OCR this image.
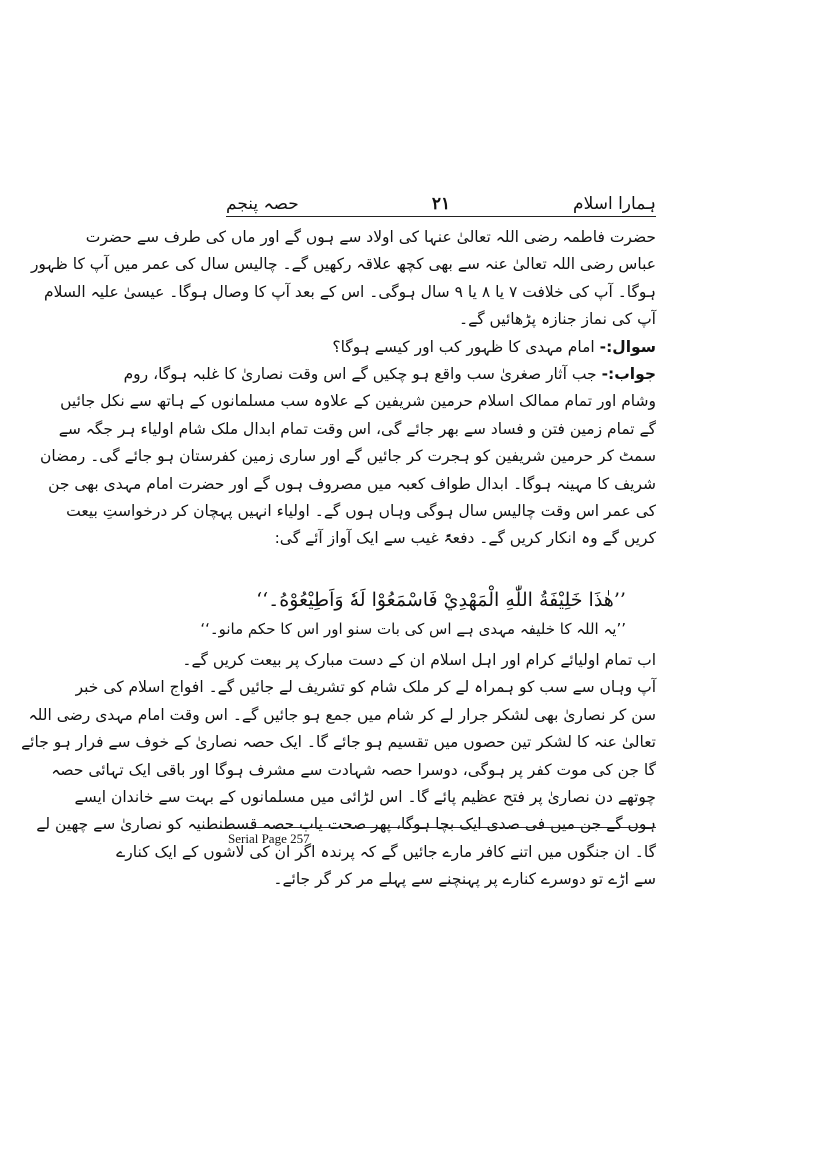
ہمارا اسلام
۲۱
حصہ پنجم
حضرت فاطمہ رضی اللہ تعالیٰ عنہا کی اولاد سے ہوں گے اور ماں کی طرف سے حضرت
عباس رضی اللہ تعالیٰ عنہ سے بھی کچھ علاقہ رکھیں گے۔ چالیس سال کی عمر میں آپ کا ظہور
ہوگا۔ آپ کی خلافت ۷ یا ۸ یا ۹ سال ہوگی۔ اس کے بعد آپ کا وصال ہوگا۔ عیسیٰ علیہ السلام
آپ کی نماز جنازہ پڑھائیں گے۔
سوال:- امام مہدی کا ظہور کب اور کیسے ہوگا؟
جواب:- جب آثار صغریٰ سب واقع ہو چکیں گے اس وقت نصاریٰ کا غلبہ ہوگا، روم
وشام اور تمام ممالک اسلام حرمین شریفین کے علاوہ سب مسلمانوں کے ہاتھ سے نکل جائیں
گے تمام زمین فتن و فساد سے بھر جائے گی، اس وقت تمام ابدال ملک شام اولیاء ہر جگہ سے
سمٹ کر حرمین شریفین کو ہجرت کر جائیں گے اور ساری زمین کفرستان ہو جائے گی۔ رمضان
شریف کا مہینہ ہوگا۔ ابدال طواف کعبہ میں مصروف ہوں گے اور حضرت امام مہدی بھی جن
کی عمر اس وقت چالیس سال ہوگی وہاں ہوں گے۔ اولیاء انہیں پہچان کر درخواستِ بیعت
کریں گے وہ انکار کریں گے۔ دفعۃً غیب سے ایک آواز آئے گی:
’’هٰذَا خَلِيْفَةُ اللّٰهِ الْمَهْدِيْ فَاسْمَعُوْا لَهٗ وَاَطِيْعُوْهُ۔‘‘
’’یہ اللہ کا خلیفہ مہدی ہے اس کی بات سنو اور اس کا حکم مانو۔‘‘
اب تمام اولیائے کرام اور اہل اسلام ان کے دست مبارک پر بیعت کریں گے۔
آپ وہاں سے سب کو ہمراہ لے کر ملک شام کو تشریف لے جائیں گے۔ افواج اسلام کی خبر
سن کر نصاریٰ بھی لشکر جرار لے کر شام میں جمع ہو جائیں گے۔ اس وقت امام مہدی رضی اللہ
تعالیٰ عنہ کا لشکر تین حصوں میں تقسیم ہو جائے گا۔ ایک حصہ نصاریٰ کے خوف سے فرار ہو جائے
گا جن کی موت کفر پر ہوگی، دوسرا حصہ شہادت سے مشرف ہوگا اور باقی ایک تہائی حصہ
چوتھے دن نصاریٰ پر فتح عظیم پائے گا۔ اس لڑائی میں مسلمانوں کے بہت سے خاندان ایسے
ہوں گے جن میں فی صدی ایک بچا ہوگا، پھر صحت یاب حصہ قسطنطنیہ کو نصاریٰ سے چھین لے
گا۔ ان جنگوں میں اتنے کافر مارے جائیں گے کہ پرندہ اگر ان کی لاشوں کے ایک کنارے
سے اڑے تو دوسرے کنارے پر پہنچنے سے پہلے مر کر گر جائے۔
Serial Page 257
